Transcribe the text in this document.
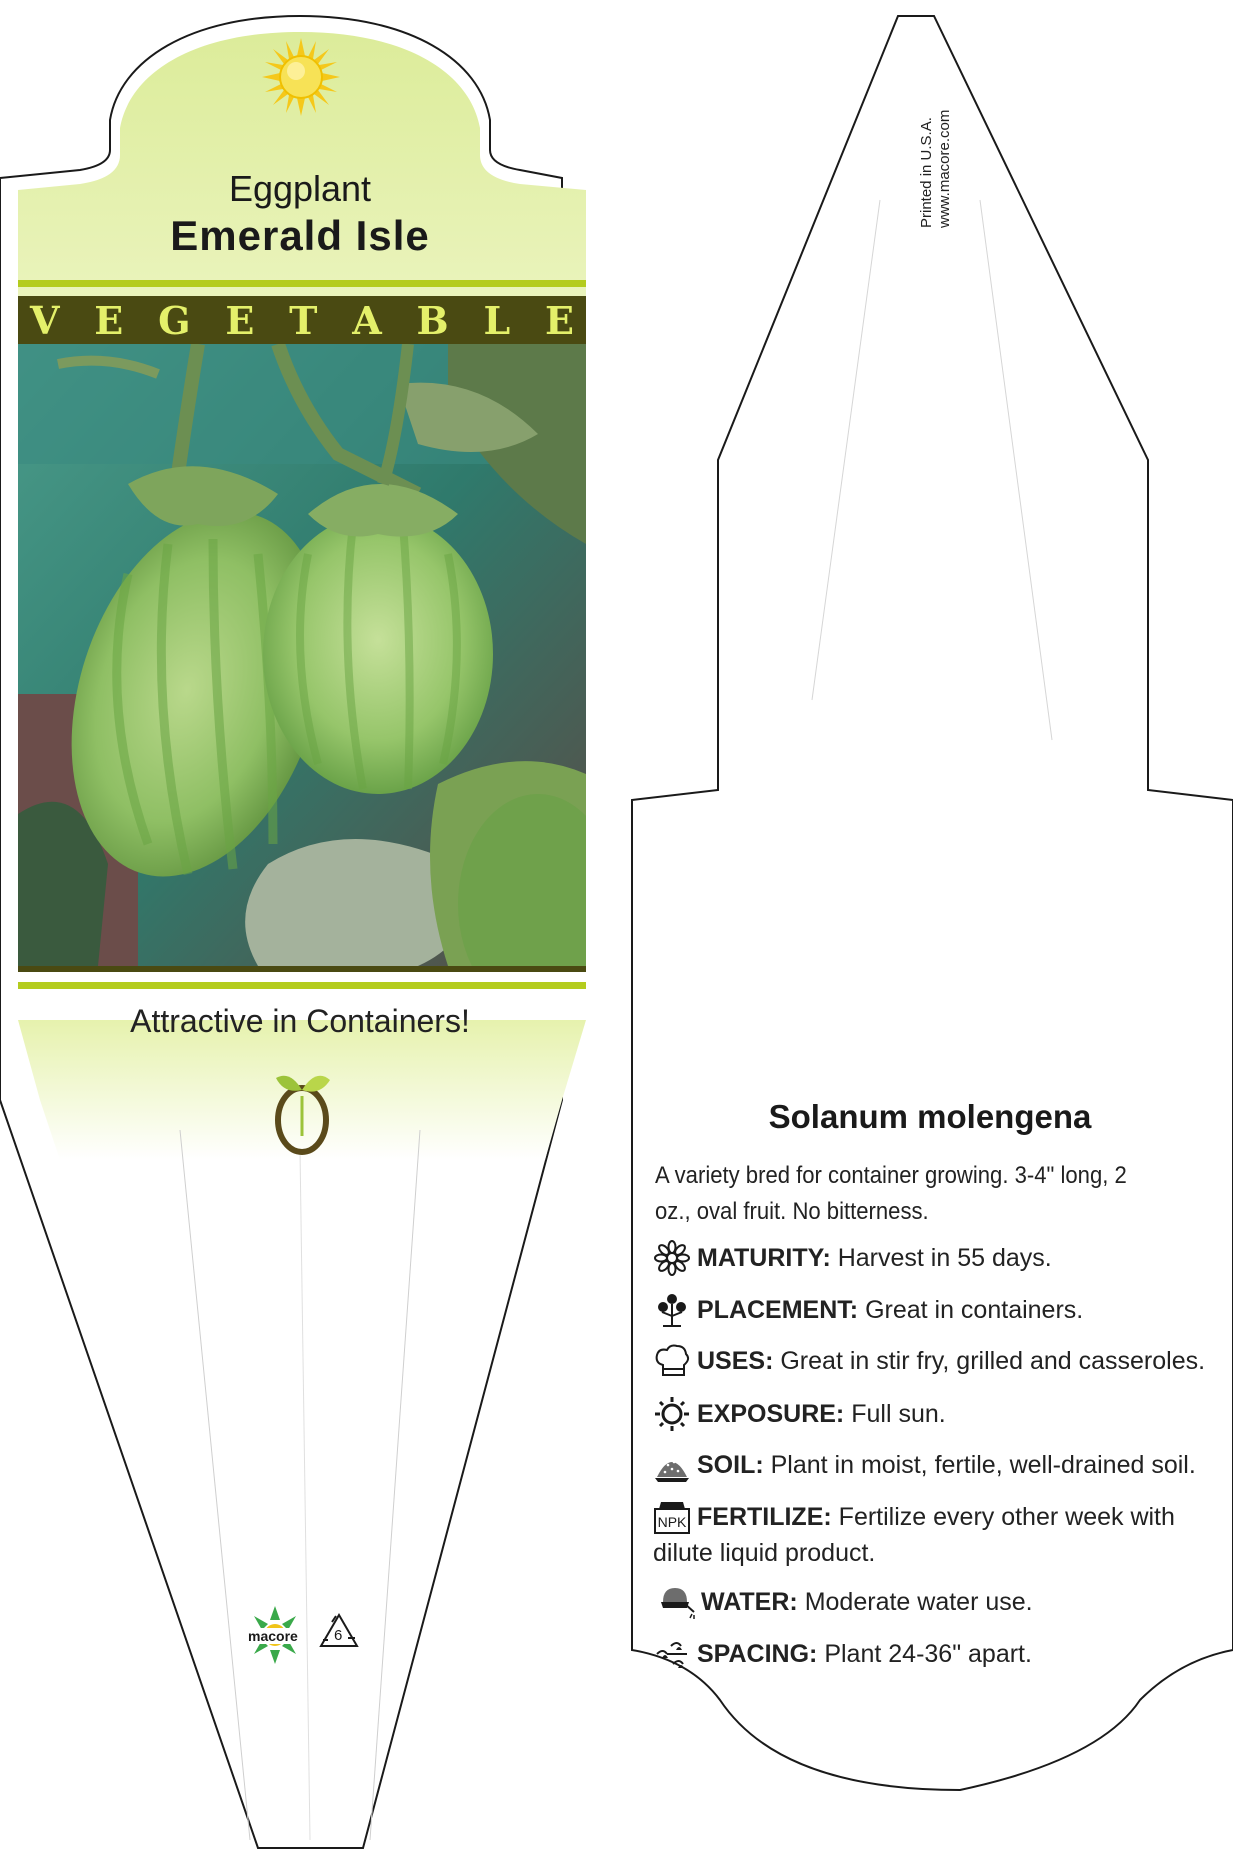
Eggplant
Emerald Isle
V E G E T A B L E
Attractive in Containers!
macore 6
Printed in U.S.A. www.macore.com
Solanum molengena
A variety bred for container growing. 3-4" long, 2 oz., oval fruit. No bitterness.
MATURITY: Harvest in 55 days.
PLACEMENT: Great in containers.
USES: Great in stir fry, grilled and casseroles.
EXPOSURE: Full sun.
SOIL: Plant in moist, fertile, well-drained soil.
NPK FERTILIZE: Fertilize every other week with dilute liquid product.
WATER: Moderate water use.
SPACING: Plant 24-36" apart.
